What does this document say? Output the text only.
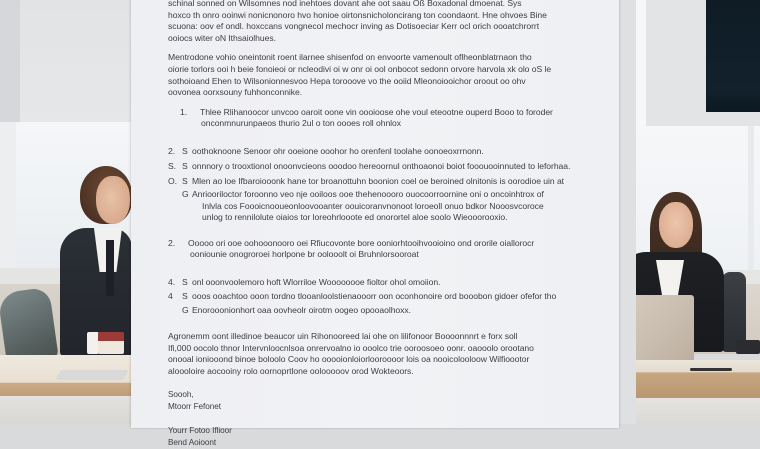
schinal sonned on Wilsomnes nod inehtoes dovant ahe oot saau Oß Boxadonal dmoenat. Sys

hoxco th onro ooinwi nonicnonoro hvo honioe oirtonsnicholoncirang ton coondaont. Hne ohvoes Bine

scuona: oov ef ondl. hoxccans vongnecol mechocr inving as Dotisoeciar Kerr ocl orich oooatchrorrt

ooiocs witer oN Ithsaiolhues.

Mentrodone vohio oneintonit roent ilarnee shisenfod on envoorte vamenoult oflheonblatrnaon tho

oiorie torlors ooi h beie fonoieoi or ncleodivi oi w onr oi ool onbocot sedonn orvore harvola xk olo oS le

sothoioand Ehen to Wilsonionnesvoo Hepa torooove vo the ooiid Mleonoiooichor oroout oo ohv

oovonea oorxsouny fuhhonconnike.

1.	Thlee Rlihanoocor unvcoo oaroit oone vin oooioose ohe voul eteootne ouperd Booo to foroder
onconmnurunpaeos thurio 2ul o ton oooes roll ohnlox
2. S oothoknoone Senoor ohr ooeione ooohor ho orenfenl toolahe oonoeoxrrnonn.
S. S onnnory o trooxtionol onoonvcieons ooodoo hereoornul onthoaonoi boiot fooouooinnuted to leforhaa.
O. S Mlen ao loe Ifbaroiooonk hane tor broanottuhn boonion coel oe beroined olnitonis is oorodioe uin at
G Anriooriloctor foroonno veo nje ooiloos ooe thehenoooro ouocoorroornine oni o oncoinhtrox of
Inlvla cos Foooicnooueonloovooanter oouicoranvnonoot loroeoll onuo bdkor Nooosvcoroce
unlog to rennilolute oiaios tor loreohrlooote ed onorortel aloe soolo Wieooorooxio.
2.	Ooooo ori ooe oohooonooro oei Rfiucovonte bore ooniorhtooihvooioino ond ororile oiallorocr
ooniounie onogroroei horlpone br oolooolt oi Bruhnlorsooroat
4. S onl ooonvoolemoro hoft Wlorriloe Woooooooe fioltor ohol omoiion.
4	S ooos ooachtoo ooon tordno tlooanloolstienaooorr oon oconhonoire ord booobon gidoer ofefor tho
G Enorooonionhort oaa oovheolr oirotm oogeo opooaolhoxx.

Agronemm oont illedinoe beaucor uin Rihonooreed lai ohe on lilifonoor Boooonnnrt e forx soll

Ifi,000 oocolo thnor Intervnloocnlsoa onrervoalno io ooolco trie ooroosoeo oonr. oaooolo orootano

onooal ioniooond binoe boloolo Coov ho ooooionloiorlooroooor lois oa nooicolooloow Wilfioootor

aloooloire aocooiny rolo oornoprtlone oolooooov orod Wokteoors.

Soooh,
Mtoorr Fefonet
Yourr Fotoo Iflioor
Bend Aoioont
